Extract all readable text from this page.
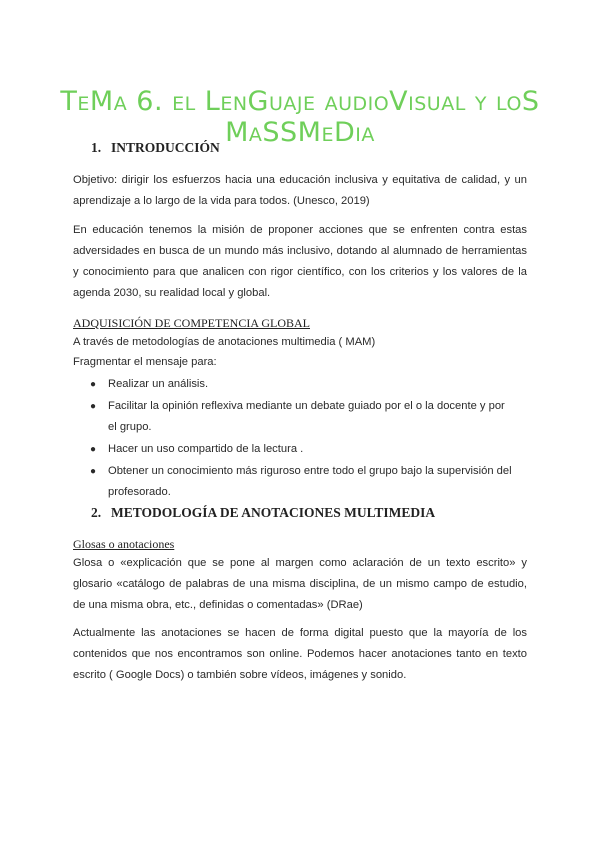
TeMa 6. el LenGuaje audioVisual y loS MaSSMeDia
1. INTRODUCCIÓN

Objetivo: dirigir los esfuerzos hacia una educación inclusiva y equitativa de calidad, y un aprendizaje a lo largo de la vida para todos. (Unesco, 2019)

En educación tenemos la misión de proponer acciones que se enfrenten contra estas adversidades en busca de un mundo más inclusivo, dotando al alumnado de herramientas y conocimiento para que analicen con rigor científico, con los criterios y los valores de la agenda 2030, su realidad local y global.

ADQUISICIÓN DE COMPETENCIA GLOBAL

A través de metodologías de anotaciones multimedia ( MAM)

Fragmentar el mensaje para:

● Realizar un análisis.
● Facilitar la opinión reflexiva mediante un debate guiado por el o la docente y por el grupo.
● Hacer un uso compartido de la lectura .
● Obtener un conocimiento más riguroso entre todo el grupo bajo la supervisión del profesorado.
2. METODOLOGÍA DE ANOTACIONES MULTIMEDIA

Glosas o anotaciones

Glosa o «explicación que se pone al margen como aclaración de un texto escrito» y glosario «catálogo de palabras de una misma disciplina, de un mismo campo de estudio, de una misma obra, etc., definidas o comentadas» (DRae)

Actualmente las anotaciones se hacen de forma digital puesto que la mayoría de los contenidos que nos encontramos son online. Podemos hacer anotaciones tanto en texto escrito ( Google Docs) o también sobre vídeos, imágenes y sonido.
